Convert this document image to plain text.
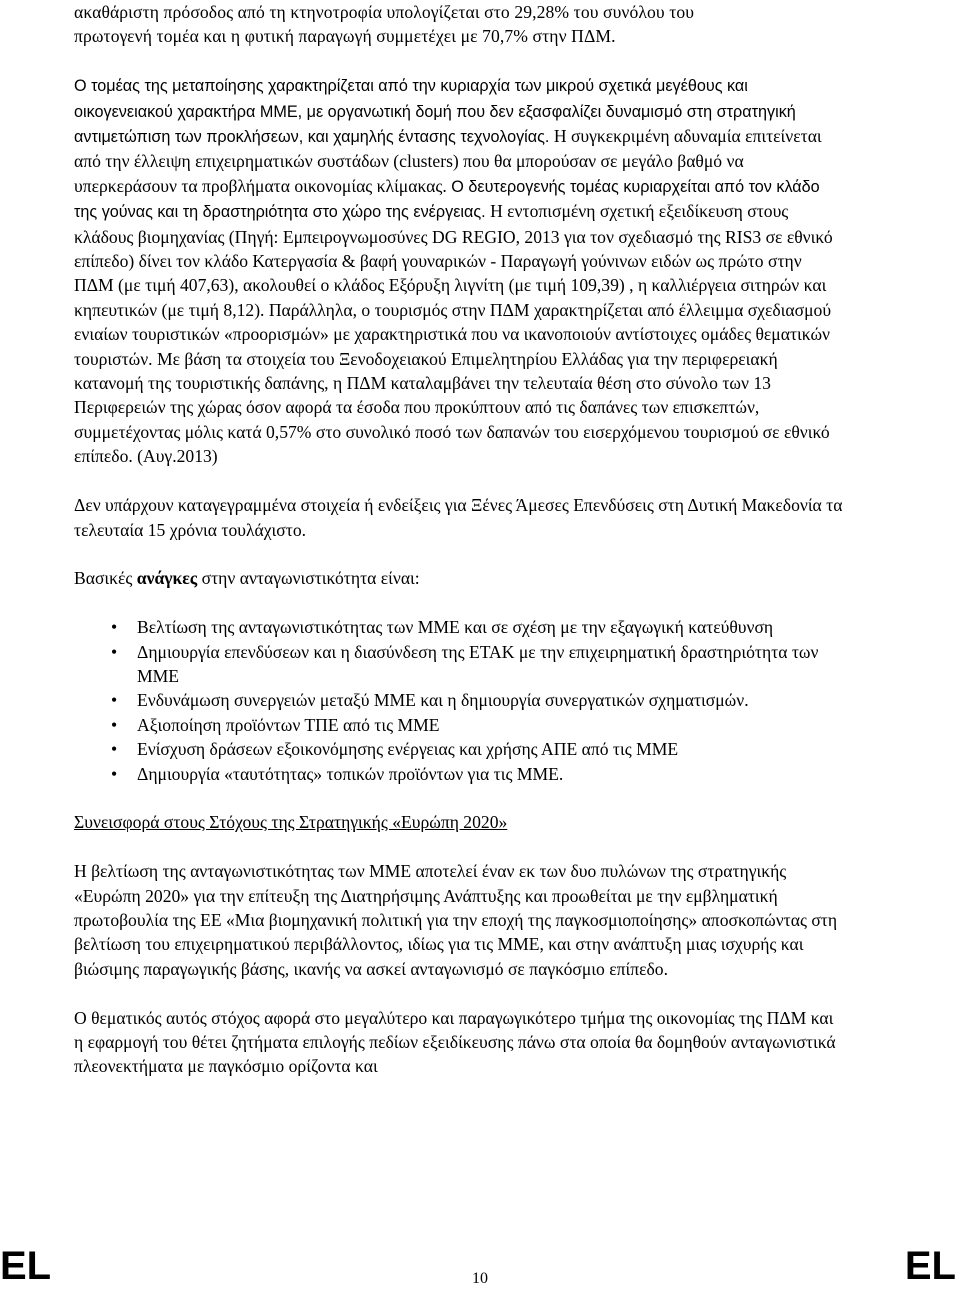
ακαθάριστη πρόσοδος από τη κτηνοτροφία υπολογίζεται στο 29,28% του συνόλου του
πρωτογενή τομέα και η φυτική παραγωγή συμμετέχει με 70,7% στην ΠΔΜ.

Ο τομέας της μεταποίησης χαρακτηρίζεται από την κυριαρχία των μικρού σχετικά μεγέθους και οικογενειακού χαρακτήρα ΜΜΕ, με οργανωτική δομή που δεν εξασφαλίζει δυναμισμό στη στρατηγική αντιμετώπιση των προκλήσεων, και χαμηλής έντασης τεχνολογίας. Η συγκεκριμένη αδυναμία επιτείνεται από την έλλειψη επιχειρηματικών συστάδων (clusters) που θα μπορούσαν σε μεγάλο βαθμό να υπερκεράσουν τα προβλήματα οικονομίας κλίμακας. Ο δευτερογενής τομέας κυριαρχείται από τον κλάδο της γούνας και τη δραστηριότητα στο χώρο της ενέργειας. Η εντοπισμένη σχετική εξειδίκευση στους κλάδους βιομηχανίας (Πηγή: Εμπειρογνωμοσύνες DG REGIO, 2013 για τον σχεδιασμό της RIS3 σε εθνικό επίπεδο) δίνει τον κλάδο Κατεργασία & βαφή γουναρικών - Παραγωγή γούνινων ειδών ως πρώτο στην ΠΔΜ (με τιμή 407,63), ακολουθεί ο κλάδος Εξόρυξη λιγνίτη (με τιμή 109,39) , η καλλιέργεια σιτηρών και κηπευτικών (με τιμή 8,12). Παράλληλα, ο τουρισμός στην ΠΔΜ χαρακτηρίζεται από έλλειμμα σχεδιασμού ενιαίων τουριστικών «προορισμών» με χαρακτηριστικά που να ικανοποιούν αντίστοιχες ομάδες θεματικών τουριστών. Με βάση τα στοιχεία του Ξενοδοχειακού Επιμελητηρίου Ελλάδας για την περιφερειακή κατανομή της τουριστικής δαπάνης, η ΠΔΜ καταλαμβάνει την τελευταία θέση στο σύνολο των 13 Περιφερειών της χώρας όσον αφορά τα έσοδα που προκύπτουν από τις δαπάνες των επισκεπτών, συμμετέχοντας μόλις κατά 0,57% στο συνολικό ποσό των δαπανών του εισερχόμενου τουρισμού σε εθνικό επίπεδο. (Αυγ.2013)

Δεν υπάρχουν καταγεγραμμένα στοιχεία ή ενδείξεις για Ξένες Άμεσες Επενδύσεις στη Δυτική Μακεδονία τα τελευταία 15 χρόνια τουλάχιστο.

Βασικές ανάγκες στην ανταγωνιστικότητα είναι:

• Βελτίωση της ανταγωνιστικότητας των ΜΜΕ και σε σχέση με την εξαγωγική κατεύθυνση
• Δημιουργία επενδύσεων και η διασύνδεση της ΕΤΑΚ με την επιχειρηματική δραστηριότητα των ΜΜΕ
• Ενδυνάμωση συνεργειών μεταξύ ΜΜΕ και η δημιουργία συνεργατικών σχηματισμών.
• Αξιοποίηση προϊόντων ΤΠΕ από τις ΜΜΕ
• Ενίσχυση δράσεων εξοικονόμησης ενέργειας και χρήσης ΑΠΕ από τις ΜΜΕ
• Δημιουργία «ταυτότητας» τοπικών προϊόντων για τις ΜΜΕ.

Συνεισφορά στους Στόχους της Στρατηγικής «Ευρώπη 2020»

Η βελτίωση της ανταγωνιστικότητας των ΜΜΕ αποτελεί έναν εκ των δυο πυλώνων της στρατηγικής «Ευρώπη 2020» για την επίτευξη της Διατηρήσιμης Ανάπτυξης και προωθείται με την εμβληματική πρωτοβουλία της ΕΕ «Μια βιομηχανική πολιτική για την εποχή της παγκοσμιοποίησης» αποσκοπώντας στη βελτίωση του επιχειρηματικού περιβάλλοντος, ιδίως για τις ΜΜΕ, και στην ανάπτυξη μιας ισχυρής και βιώσιμης παραγωγικής βάσης, ικανής να ασκεί ανταγωνισμό σε παγκόσμιο επίπεδο.

Ο θεματικός αυτός στόχος αφορά στο μεγαλύτερο και παραγωγικότερο τμήμα της οικονομίας της ΠΔΜ και η εφαρμογή του θέτει ζητήματα επιλογής πεδίων εξειδίκευσης πάνω στα οποία θα δομηθούν ανταγωνιστικά πλεονεκτήματα με παγκόσμιο ορίζοντα και

EL	EL
10
